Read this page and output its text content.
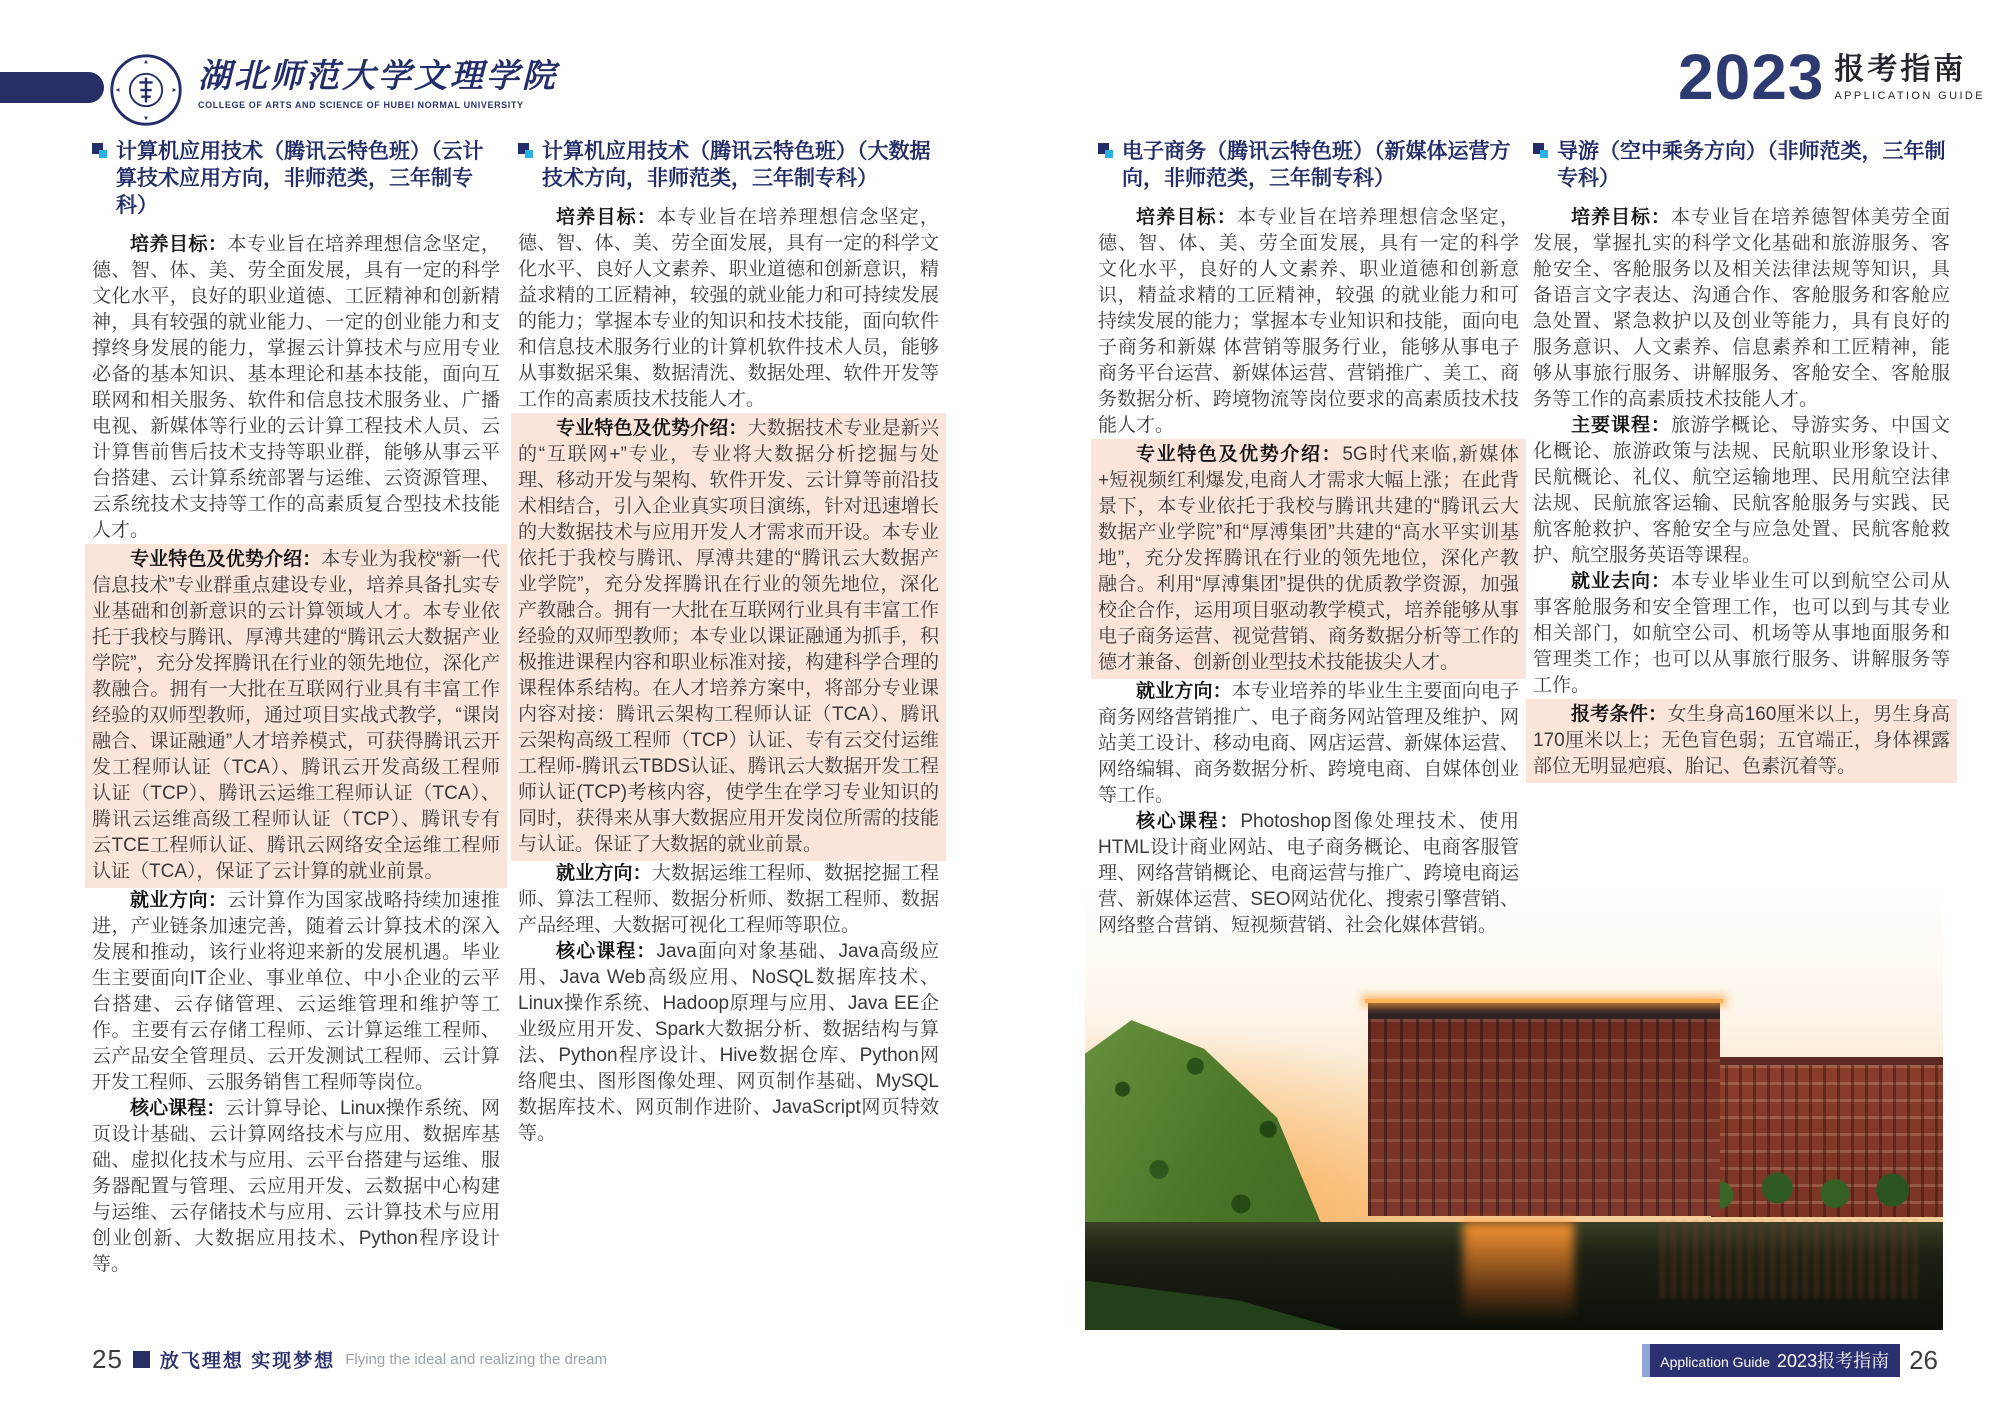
湖北师范大学文理学院
COLLEGE OF ARTS AND SCIENCE OF HUBEI NORMAL UNIVERSITY	2023 报考指南
APPLICATION GUIDE
计算机应用技术（腾讯云特色班）（云计算技术应用方向，非师范类，三年制专科）

培养目标：本专业旨在培养理想信念坚定，德、智、体、美、劳全面发展，具有一定的科学文化水平，良好的职业道德、工匠精神和创新精神，具有较强的就业能力、一定的创业能力和支撑终身发展的能力，掌握云计算技术与应用专业必备的基本知识、基本理论和基本技能，面向互联网和相关服务、软件和信息技术服务业、广播电视、新媒体等行业的云计算工程技术人员、云计算售前售后技术支持等职业群，能够从事云平台搭建、云计算系统部署与运维、云资源管理、云系统技术支持等工作的高素质复合型技术技能人才。

专业特色及优势介绍：本专业为我校“新一代信息技术”专业群重点建设专业，培养具备扎实专业基础和创新意识的云计算领域人才。本专业依托于我校与腾讯、厚溥共建的“腾讯云大数据产业学院”，充分发挥腾讯在行业的领先地位，深化产教融合。拥有一大批在互联网行业具有丰富工作经验的双师型教师，通过项目实战式教学，“课岗融合、课证融通”人才培养模式，可获得腾讯云开发工程师认证（TCA）、腾讯云开发高级工程师认证（TCP）、腾讯云运维工程师认证（TCA）、腾讯云运维高级工程师认证（TCP）、腾讯专有云TCE工程师认证、腾讯云网络安全运维工程师认证（TCA），保证了云计算的就业前景。

就业方向：云计算作为国家战略持续加速推进，产业链条加速完善，随着云计算技术的深入发展和推动，该行业将迎来新的发展机遇。毕业生主要面向IT企业、事业单位、中小企业的云平台搭建、云存储管理、云运维管理和维护等工作。主要有云存储工程师、云计算运维工程师、云产品安全管理员、云开发测试工程师、云计算开发工程师、云服务销售工程师等岗位。

核心课程：云计算导论、Linux操作系统、网页设计基础、云计算网络技术与应用、数据库基础、虚拟化技术与应用、云平台搭建与运维、服务器配置与管理、云应用开发、云数据中心构建与运维、云存储技术与应用、云计算技术与应用创业创新、大数据应用技术、Python程序设计等。

计算机应用技术（腾讯云特色班）（大数据技术方向，非师范类，三年制专科）

培养目标：本专业旨在培养理想信念坚定，德、智、体、美、劳全面发展，具有一定的科学文化水平、良好人文素养、职业道德和创新意识，精益求精的工匠精神，较强的就业能力和可持续发展的能力；掌握本专业的知识和技术技能，面向软件和信息技术服务行业的计算机软件技术人员，能够从事数据采集、数据清洗、数据处理、软件开发等工作的高素质技术技能人才。

专业特色及优势介绍：大数据技术专业是新兴的“互联网+”专业，专业将大数据分析挖掘与处理、移动开发与架构、软件开发、云计算等前沿技术相结合，引入企业真实项目演练，针对迅速增长的大数据技术与应用开发人才需求而开设。本专业依托于我校与腾讯、厚溥共建的“腾讯云大数据产业学院”，充分发挥腾讯在行业的领先地位，深化产教融合。拥有一大批在互联网行业具有丰富工作经验的双师型教师；本专业以课证融通为抓手，积极推进课程内容和职业标准对接，构建科学合理的课程体系结构。在人才培养方案中，将部分专业课内容对接：腾讯云架构工程师认证（TCA）、腾讯云架构高级工程师（TCP）认证、专有云交付运维工程师-腾讯云TBDS认证、腾讯云大数据开发工程师认证(TCP)考核内容，使学生在学习专业知识的同时，获得来从事大数据应用开发岗位所需的技能与认证。保证了大数据的就业前景。

就业方向：大数据运维工程师、数据挖掘工程师、算法工程师、数据分析师、数据工程师、数据产品经理、大数据可视化工程师等职位。

核心课程：Java面向对象基础、Java高级应用、Java Web高级应用、NoSQL数据库技术、Linux操作系统、Hadoop原理与应用、Java EE企业级应用开发、Spark大数据分析、数据结构与算法、Python程序设计、Hive数据仓库、Python网络爬虫、图形图像处理、网页制作基础、MySQL数据库技术、网页制作进阶、JavaScript网页特效等。

电子商务（腾讯云特色班）（新媒体运营方向，非师范类，三年制专科）

培养目标：本专业旨在培养理想信念坚定，德、智、体、美、劳全面发展，具有一定的科学 文化水平，良好的人文素养、职业道德和创新意识，精益求精的工匠精神，较强 的就业能力和可持续发展的能力；掌握本专业知识和技能，面向电子商务和新媒 体营销等服务行业，能够从事电子商务平台运营、新媒体运营、营销推广、美工、商务数据分析、跨境物流等岗位要求的高素质技术技能人才。

专业特色及优势介绍：5G时代来临,新媒体+短视频红利爆发,电商人才需求大幅上涨；在此背景下，本专业依托于我校与腾讯共建的“腾讯云大数据产业学院”和“厚溥集团”共建的“高水平实训基地”，充分发挥腾讯在行业的领先地位，深化产教融合。利用“厚溥集团”提供的优质教学资源，加强校企合作，运用项目驱动教学模式，培养能够从事电子商务运营、视觉营销、商务数据分析等工作的德才兼备、创新创业型技术技能拔尖人才。

就业方向：本专业培养的毕业生主要面向电子商务网络营销推广、电子商务网站管理及维护、网站美工设计、移动电商、网店运营、新媒体运营、网络编辑、商务数据分析、跨境电商、自媒体创业等工作。

核心课程：Photoshop图像处理技术、使用HTML设计商业网站、电子商务概论、电商客服管理、网络营销概论、电商运营与推广、跨境电商运营、新媒体运营、SEO网站优化、搜索引擎营销、网络整合营销、短视频营销、社会化媒体营销。

导游（空中乘务方向）（非师范类，三年制专科）

培养目标：本专业旨在培养德智体美劳全面发展，掌握扎实的科学文化基础和旅游服务、客舱安全、客舱服务以及相关法律法规等知识，具备语言文字表达、沟通合作、客舱服务和客舱应急处置、紧急救护以及创业等能力，具有良好的服务意识、人文素养、信息素养和工匠精神，能够从事旅行服务、讲解服务、客舱安全、客舱服务等工作的高素质技术技能人才。

主要课程：旅游学概论、导游实务、中国文化概论、旅游政策与法规、民航职业形象设计、民航概论、礼仪、航空运输地理、民用航空法律法规、民航旅客运输、民航客舱服务与实践、民航客舱救护、客舱安全与应急处置、民航客舱救护、航空服务英语等课程。

就业去向：本专业毕业生可以到航空公司从事客舱服务和安全管理工作，也可以到与其专业相关部门，如航空公司、机场等从事地面服务和管理类工作；也可以从事旅行服务、讲解服务等工作。

报考条件：女生身高160厘米以上，男生身高170厘米以上；无色盲色弱；五官端正，身体裸露部位无明显疤痕、胎记、色素沉着等。

25 放飞理想 实现梦想 Flying the ideal and realizing the dream	Application Guide 2023报考指南 26
